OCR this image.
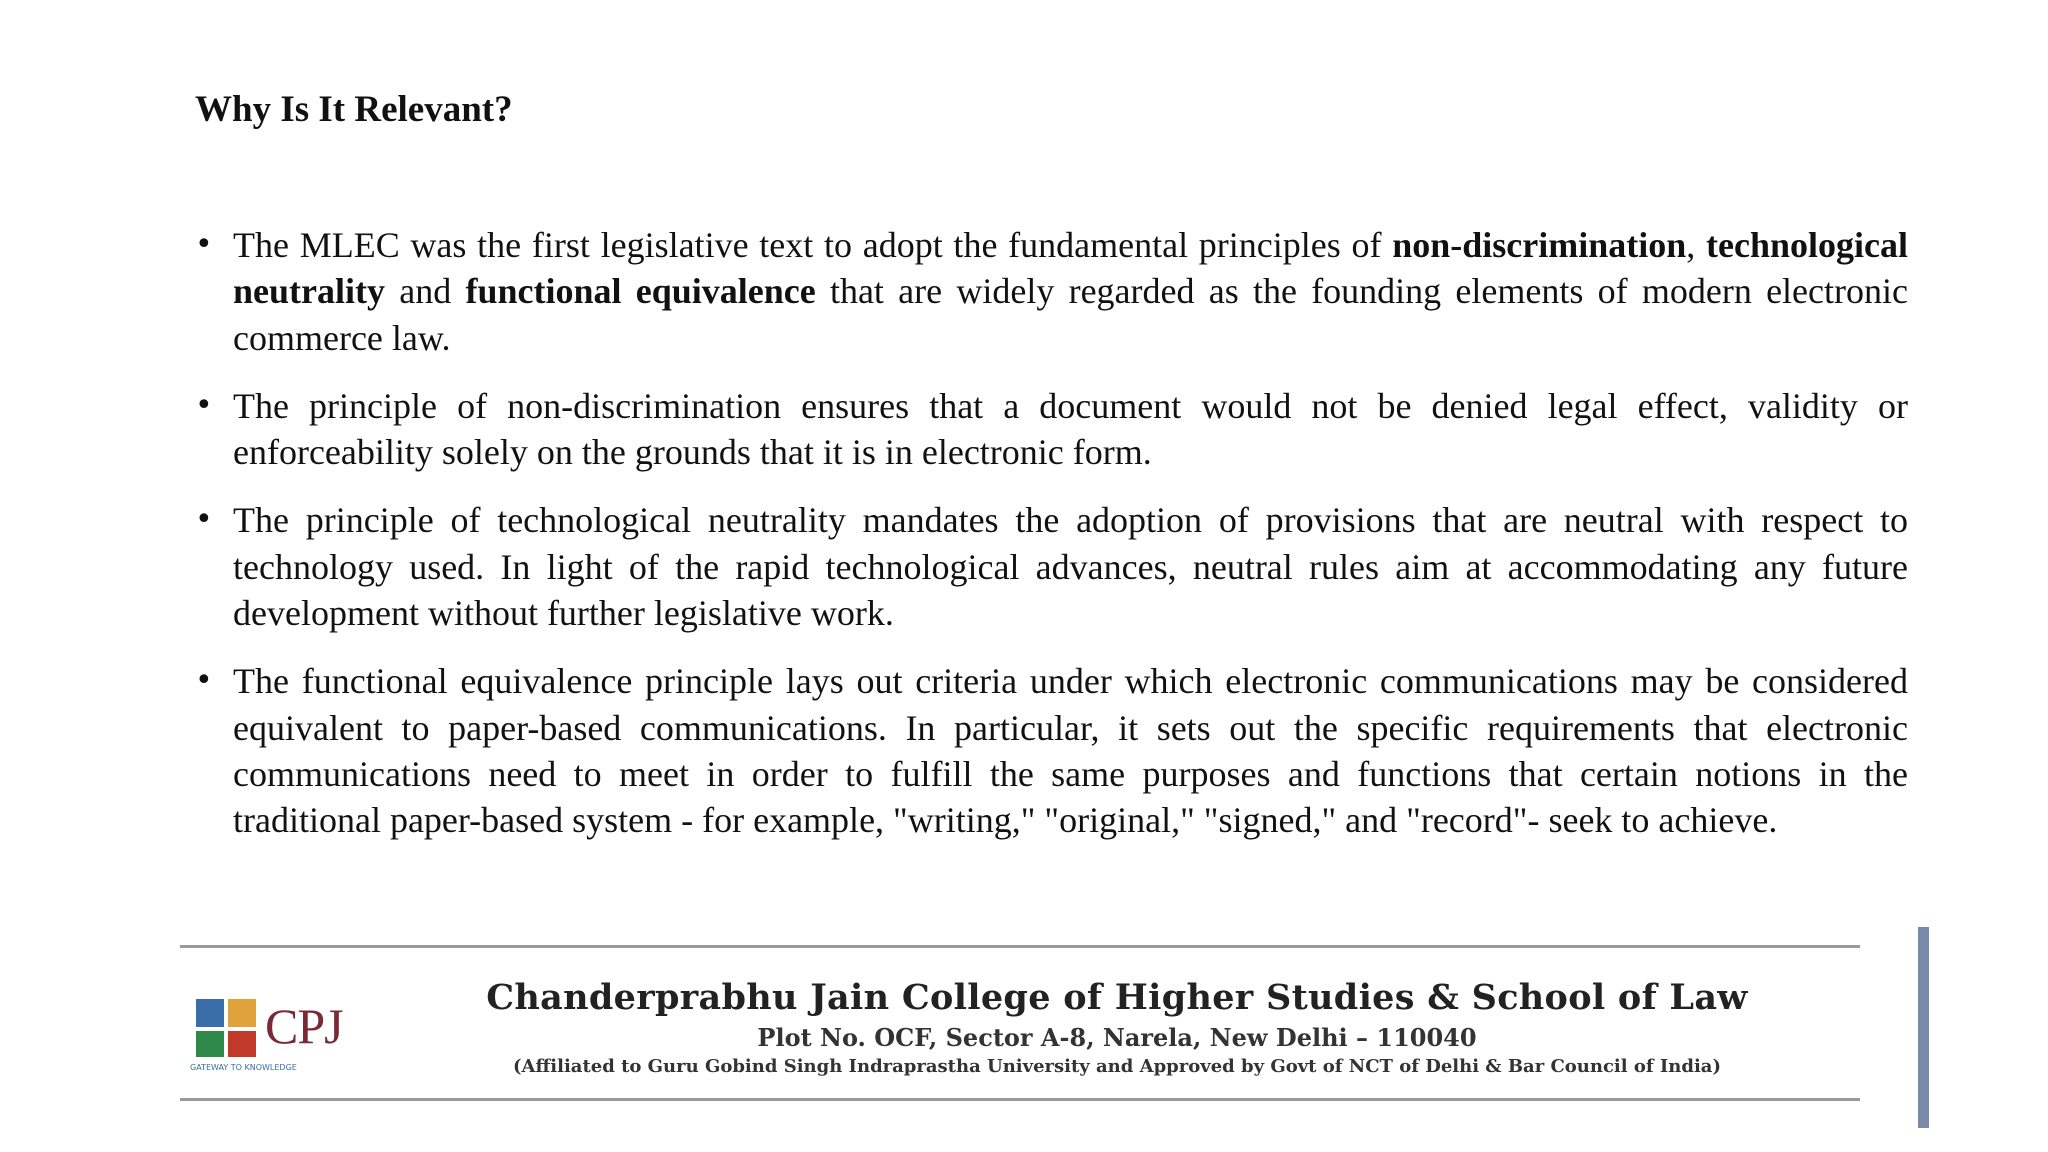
Why Is It Relevant?
• The MLEC was the first legislative text to adopt the fundamental principles of non-discrimination, technological neutrality and functional equivalence that are widely regarded as the founding elements of modern electronic commerce law.
• The principle of non-discrimination ensures that a document would not be denied legal effect, validity or enforceability solely on the grounds that it is in electronic form.
• The principle of technological neutrality mandates the adoption of provisions that are neutral with respect to technology used. In light of the rapid technological advances, neutral rules aim at accommodating any future development without further legislative work.
• The functional equivalence principle lays out criteria under which electronic communications may be considered equivalent to paper-based communications. In particular, it sets out the specific requirements that electronic communications need to meet in order to fulfill the same purposes and functions that certain notions in the traditional paper-based system - for example, "writing," "original," "signed," and "record"- seek to achieve.
CPJ
GATEWAY TO KNOWLEDGE
Chanderprabhu Jain College of Higher Studies & School of Law
Plot No. OCF, Sector A-8, Narela, New Delhi – 110040
(Affiliated to Guru Gobind Singh Indraprastha University and Approved by Govt of NCT of Delhi & Bar Council of India)
